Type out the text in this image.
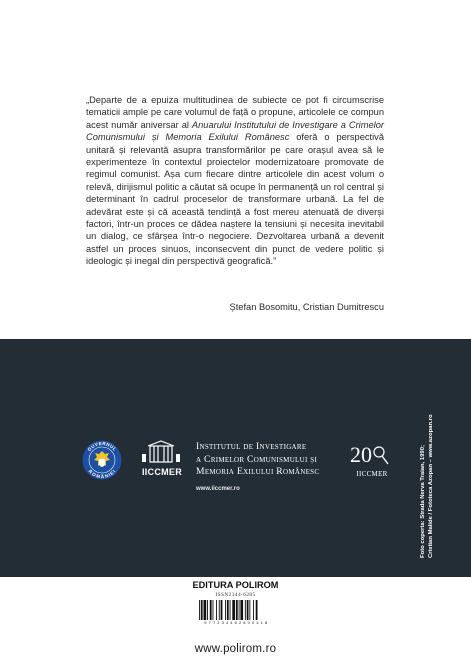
„Departe de a epuiza multitudinea de subiecte ce pot fi circumscrise tematicii ample pe care volumul de față o propune, articolele ce compun acest număr aniversar al Anuarului Institutului de Investigare a Crimelor Comunismului și Memoria Exilului Românesc oferă o perspectivă unitară și relevantă asupra transformărilor pe care orașul avea să le experimenteze în contextul proiectelor modernizatoare promovate de regimul comunist. Așa cum fiecare dintre articolele din acest volum o relevă, dirijismul politic a căutat să ocupe în permanență un rol central și determinant în cadrul proceselor de transformare urbană. La fel de adevărat este și că această tendință a fost mereu atenuată de diverși factori, într-un proces ce dădea naștere la tensiuni și necesita inevitabil un dialog, ce sfârșea într-o negociere. Dezvoltarea urbană a devenit astfel un proces sinuos, inconsecvent din punct de vedere politic și ideologic și inegal din perspectivă geografică.”

Ștefan Bosomitu, Cristian Dumitrescu

GUVERNUL
ROMÂNIEI	IICCMER

Institutul de Investigare
a Crimelor Comunismului și
Memoria Exilului Românesc

www.iiccmer.ro
20
IICCMER	Foto coperta: Strada Nerva Traian, 1990; Cristian Malide / Fototeca Azopan – www.azopan.ro

EDITURA POLIROM
ISSN2344-6285
9 7 7 2 3 4 4 6 2 8 0 0 4 1 8
www.polirom.ro
